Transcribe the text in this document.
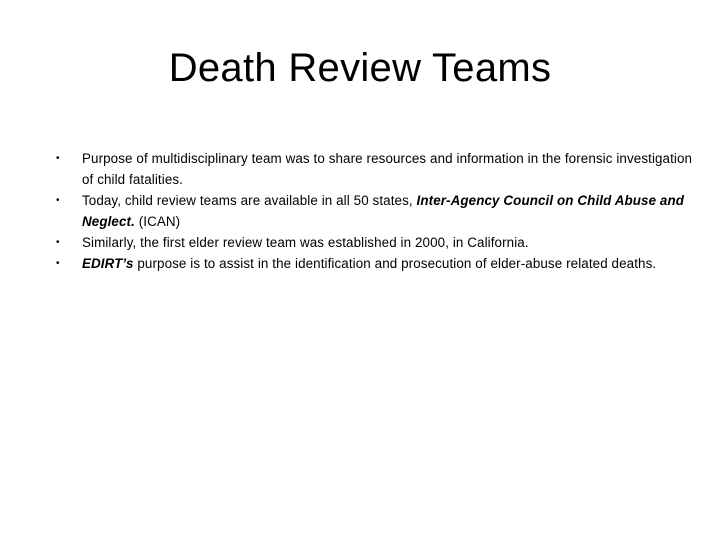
Death Review Teams
• Purpose of multidisciplinary team was to share resources and information in the forensic investigation of child fatalities.
• Today, child review teams are available in all 50 states, Inter-Agency Council on Child Abuse and Neglect. (ICAN)
• Similarly, the first elder review team was established in 2000, in California.
• EDIRT’s purpose is to assist in the identification and prosecution of elder-abuse related deaths.
